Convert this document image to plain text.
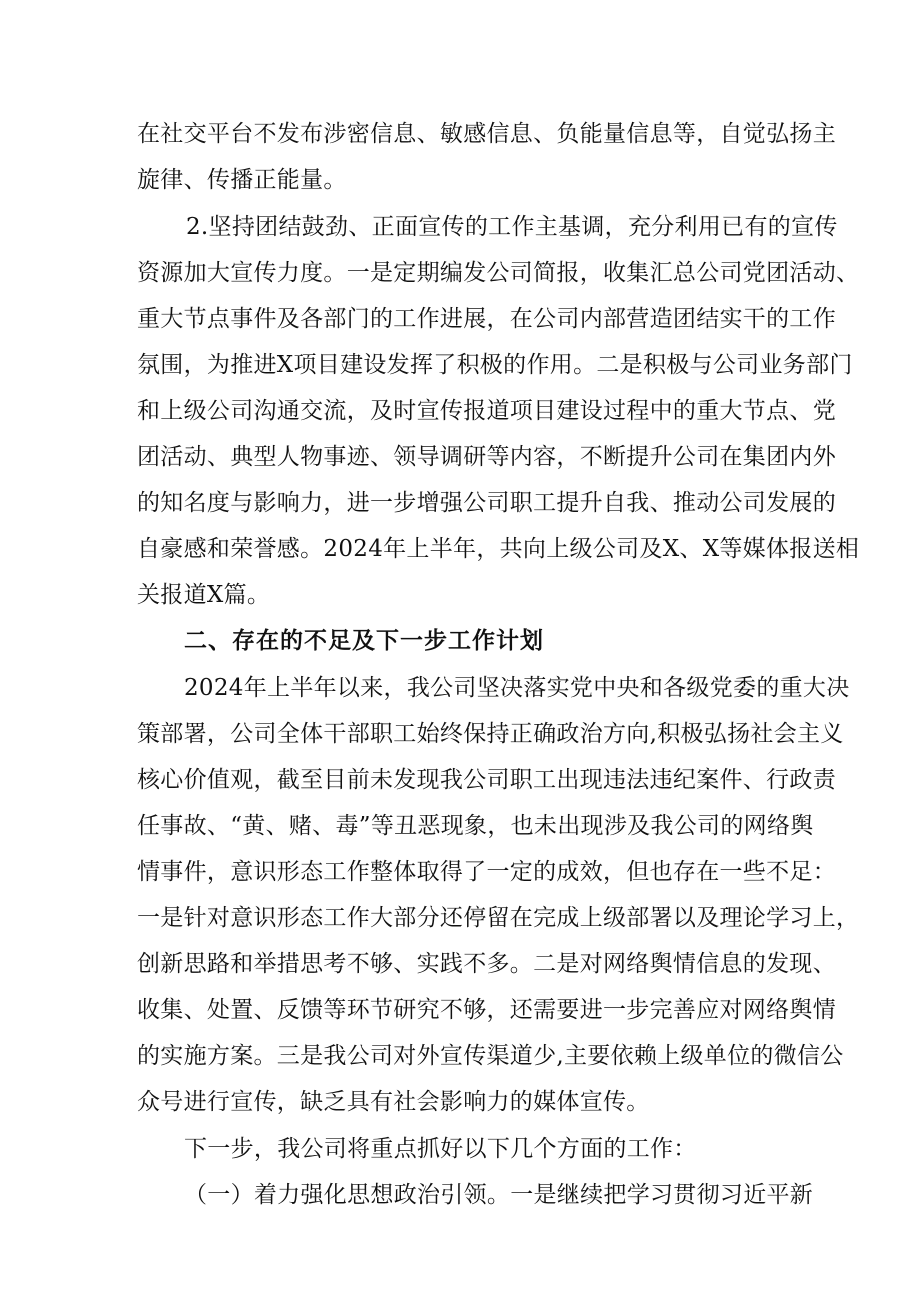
在社交平台不发布涉密信息、敏感信息、负能量信息等，自觉弘扬主
旋律、传播正能量。
2.坚持团结鼓劲、正面宣传的工作主基调，充分利用已有的宣传
资源加大宣传力度。一是定期编发公司简报，收集汇总公司党团活动、
重大节点事件及各部门的工作进展，在公司内部营造团结实干的工作
氛围，为推进X项目建设发挥了积极的作用。二是积极与公司业务部门
和上级公司沟通交流，及时宣传报道项目建设过程中的重大节点、党
团活动、典型人物事迹、领导调研等内容，不断提升公司在集团内外
的知名度与影响力，进一步增强公司职工提升自我、推动公司发展的
自豪感和荣誉感。2024年上半年，共向上级公司及X、X等媒体报送相
关报道X篇。
二、存在的不足及下一步工作计划
2024年上半年以来，我公司坚决落实党中央和各级党委的重大决
策部署，公司全体干部职工始终保持正确政治方向,积极弘扬社会主义
核心价值观，截至目前未发现我公司职工出现违法违纪案件、行政责
任事故、“黄、赌、毒”等丑恶现象，也未出现涉及我公司的网络舆
情事件，意识形态工作整体取得了一定的成效，但也存在一些不足：
一是针对意识形态工作大部分还停留在完成上级部署以及理论学习上，
创新思路和举措思考不够、实践不多。二是对网络舆情信息的发现、
收集、处置、反馈等环节研究不够，还需要进一步完善应对网络舆情
的实施方案。三是我公司对外宣传渠道少,主要依赖上级单位的微信公
众号进行宣传，缺乏具有社会影响力的媒体宣传。
下一步，我公司将重点抓好以下几个方面的工作：
（一）着力强化思想政治引领。一是继续把学习贯彻习近平新
